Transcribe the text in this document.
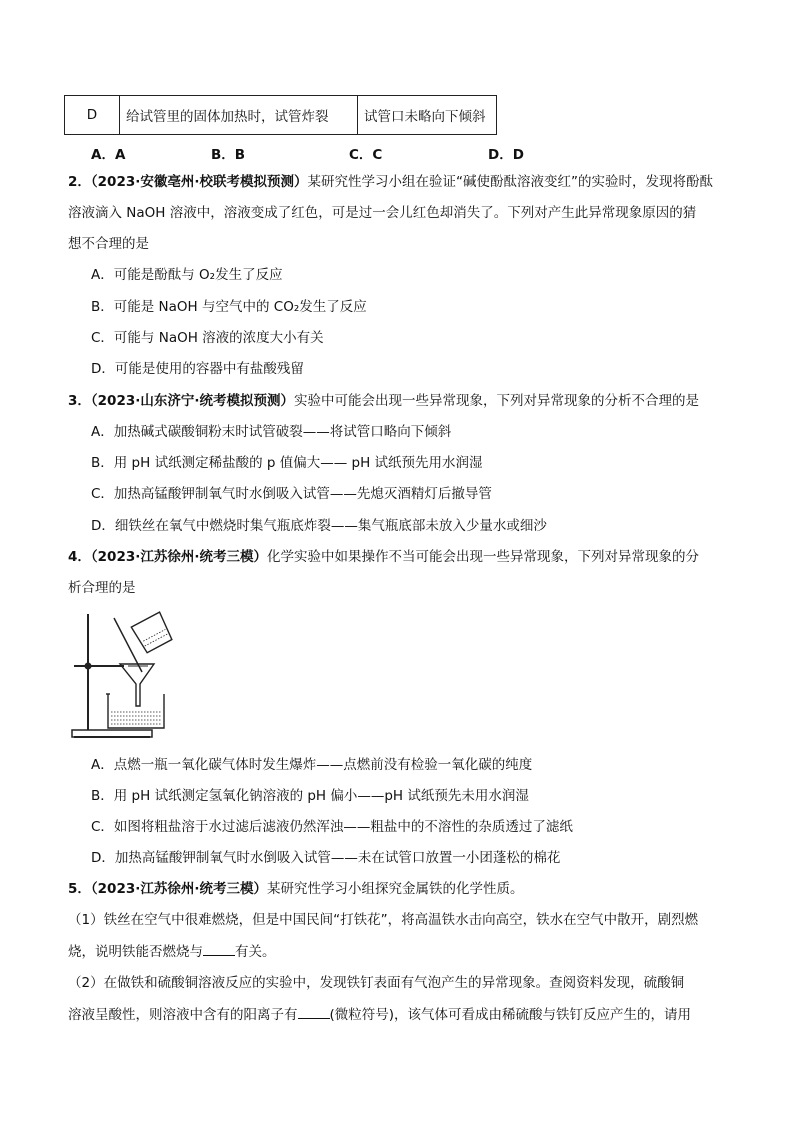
D	给试管里的固体加热时，试管炸裂	试管口未略向下倾斜
A．A	B．B	C．C	D．D
2．（2023·安徽亳州·校联考模拟预测）某研究性学习小组在验证“碱使酚酞溶液变红”的实验时，发现将酚酞
溶液滴入 NaOH 溶液中，溶液变成了红色，可是过一会儿红色却消失了。下列对产生此异常现象原因的猜
想不合理的是
A．可能是酚酞与 O₂发生了反应
B．可能是 NaOH 与空气中的 CO₂发生了反应
C．可能与 NaOH 溶液的浓度大小有关
D．可能是使用的容器中有盐酸残留
3．（2023·山东济宁·统考模拟预测）实验中可能会出现一些异常现象，下列对异常现象的分析不合理的是
A．加热碱式碳酸铜粉末时试管破裂——将试管口略向下倾斜
B．用 pH 试纸测定稀盐酸的 p 值偏大—— pH 试纸预先用水润湿
C．加热高锰酸钾制氧气时水倒吸入试管——先熄灭酒精灯后撤导管
D．细铁丝在氧气中燃烧时集气瓶底炸裂——集气瓶底部未放入少量水或细沙
4．（2023·江苏徐州·统考三模）化学实验中如果操作不当可能会出现一些异常现象，下列对异常现象的分
析合理的是
A．点燃一瓶一氧化碳气体时发生爆炸——点燃前没有检验一氧化碳的纯度
B．用 pH 试纸测定氢氧化钠溶液的 pH 偏小——pH 试纸预先未用水润湿
C．如图将粗盐溶于水过滤后滤液仍然浑浊——粗盐中的不溶性的杂质透过了滤纸
D．加热高锰酸钾制氧气时水倒吸入试管——未在试管口放置一小团蓬松的棉花
5．（2023·江苏徐州·统考三模）某研究性学习小组探究金属铁的化学性质。
（1）铁丝在空气中很难燃烧，但是中国民间“打铁花”，将高温铁水击向高空，铁水在空气中散开，剧烈燃
烧，说明铁能否燃烧与 有关。
（2）在做铁和硫酸铜溶液反应的实验中，发现铁钉表面有气泡产生的异常现象。查阅资料发现，硫酸铜
溶液呈酸性，则溶液中含有的阳离子有 (微粒符号)，该气体可看成由稀硫酸与铁钉反应产生的，请用
